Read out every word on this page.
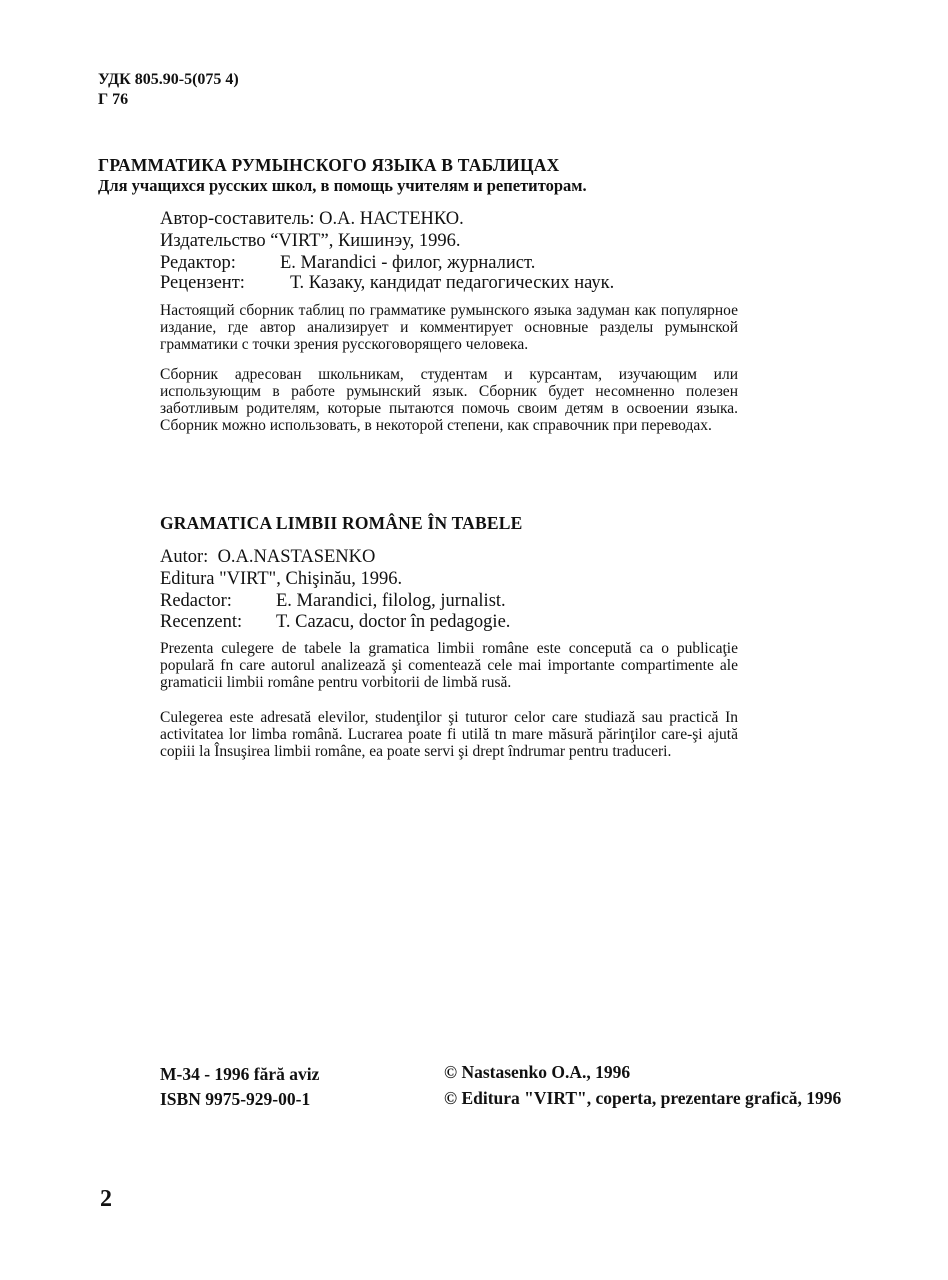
УДК 805.90-5(075 4)
Г 76
ГРАММАТИКА РУМЫНСКОГО ЯЗЫКА В ТАБЛИЦАХ
Для учащихся русских школ, в помощь учителям и репетиторам.
Автор-составитель: О.А. НАСТЕНКО.
Издательство “VIRT”, Кишинэу, 1996.
Редактор: Е. Marandici - филог, журналист.
Рецензент: Т. Казаку, кандидат педагогических наук.

Настоящий сборник таблиц по грамматике румынского языка задуман как популярное издание, где автор анализирует и комментирует основные разделы румынской грамматики с точки зрения русскоговорящего человека.

Сборник адресован школьникам, студентам и курсантам, изучающим или использующим в работе румынский язык. Сборник будет несомненно полезен заботливым родителям, которые пытаются помочь своим детям в освоении языка. Сборник можно использовать, в некоторой степени, как справочник при переводах.

GRAMATICA LIMBII ROMÂNE ÎN TABELE
Autor: O.A.NASTASENKO
Editura "VIRT", Chişinău, 1996.
Redactor: E. Marandici, filolog, jurnalist.
Recenzent: T. Cazacu, doctor în pedagogie.

Prezenta culegere de tabele la gramatica limbii române este concepută ca o publicaţie populară fn care autorul analizează şi comentează cele mai importante compartimente ale gramaticii limbii române pentru vorbitorii de limbă rusă.

Culegerea este adresată elevilor, studenţilor şi tuturor celor care studiază sau practică In activitatea lor limba română. Lucrarea poate fi utilă tn mare măsură părinţilor care-şi ajută copiii la Însuşirea limbii române, ea poate servi şi drept îndrumar pentru traduceri.

M-34 - 1996 fără aviz
ISBN 9975-929-00-1
© Nastasenko O.A., 1996
© Editura "VIRT", coperta, prezentare grafică, 1996
2
